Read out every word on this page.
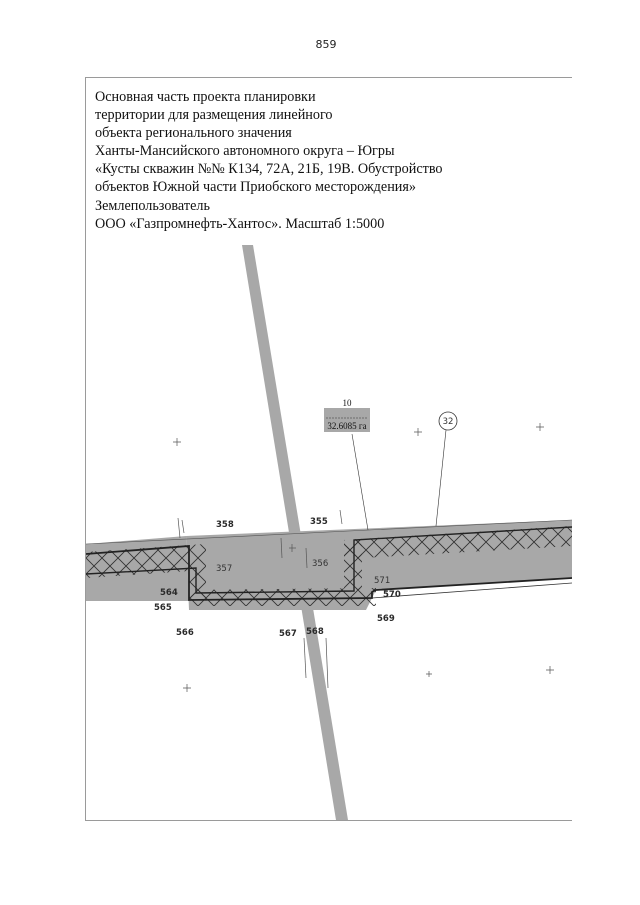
859
10
32.6085 га	32
358	355
357	356
564
565
566	567 568
569
570
571
Основная часть проекта планировки
территории для размещения линейного
объекта регионального значения
Ханты-Мансийского автономного округа – Югры
«Кусты скважин №№ К134, 72А, 21Б, 19В. Обустройство
объектов Южной части Приобского месторождения»
Землепользователь
ООО «Газпромнефть-Хантос». Масштаб 1:5000
